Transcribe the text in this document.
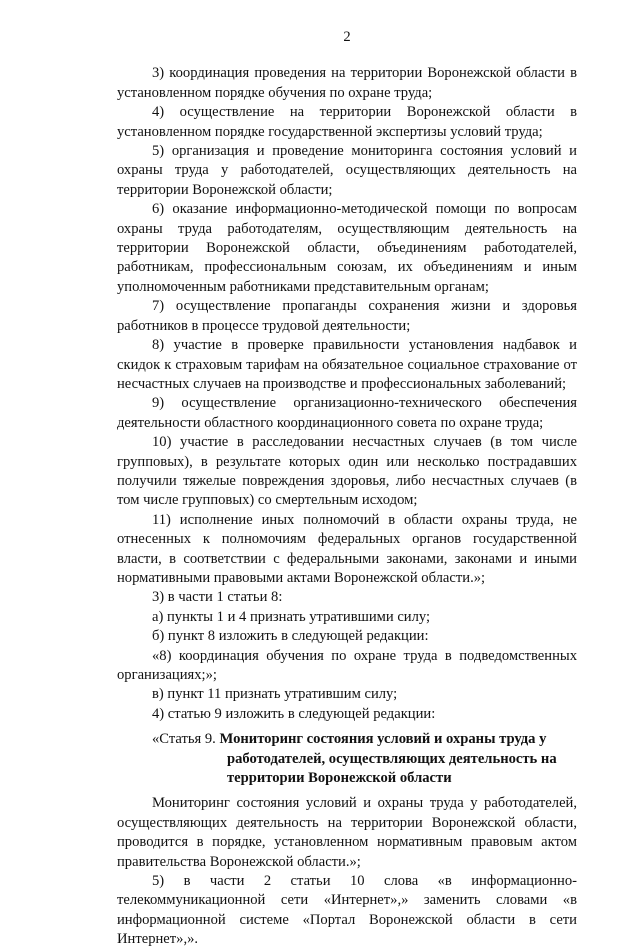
2

3) координация проведения на территории Воронежской области в установленном порядке обучения по охране труда;

4) осуществление на территории Воронежской области в установленном порядке государственной экспертизы условий труда;

5) организация и проведение мониторинга состояния условий и охраны труда у работодателей, осуществляющих деятельность на территории Воронежской области;

6) оказание информационно-методической помощи по вопросам охраны труда работодателям, осуществляющим деятельность на территории Воронежской области, объединениям работодателей, работникам, профессиональным союзам, их объединениям и иным уполномоченным работниками представительным органам;

7) осуществление пропаганды сохранения жизни и здоровья работников в процессе трудовой деятельности;

8) участие в проверке правильности установления надбавок и скидок к страховым тарифам на обязательное социальное страхование от несчастных случаев на производстве и профессиональных заболеваний;

9) осуществление организационно-технического обеспечения деятельности областного координационного совета по охране труда;

10) участие в расследовании несчастных случаев (в том числе групповых), в результате которых один или несколько пострадавших получили тяжелые повреждения здоровья, либо несчастных случаев (в том числе групповых) со смертельным исходом;

11) исполнение иных полномочий в области охраны труда, не отнесенных к полномочиям федеральных органов государственной власти, в соответствии с федеральными законами, законами и иными нормативными правовыми актами Воронежской области.»;

3) в части 1 статьи 8:

а) пункты 1 и 4 признать утратившими силу;

б) пункт 8 изложить в следующей редакции:

«8) координация обучения по охране труда в подведомственных организациях;»;

в) пункт 11 признать утратившим силу;

4) статью 9 изложить в следующей редакции:

«Статья 9. Мониторинг состояния условий и охраны труда у
работодателей, осуществляющих деятельность на
территории Воронежской области

Мониторинг состояния условий и охраны труда у работодателей, осуществляющих деятельность на территории Воронежской области, проводится в порядке, установленном нормативным правовым актом правительства Воронежской области.»;

5) в части 2 статьи 10 слова «в информационно-телекоммуникационной сети «Интернет»,» заменить словами «в информационной системе «Портал Воронежской области в сети Интернет»,».
